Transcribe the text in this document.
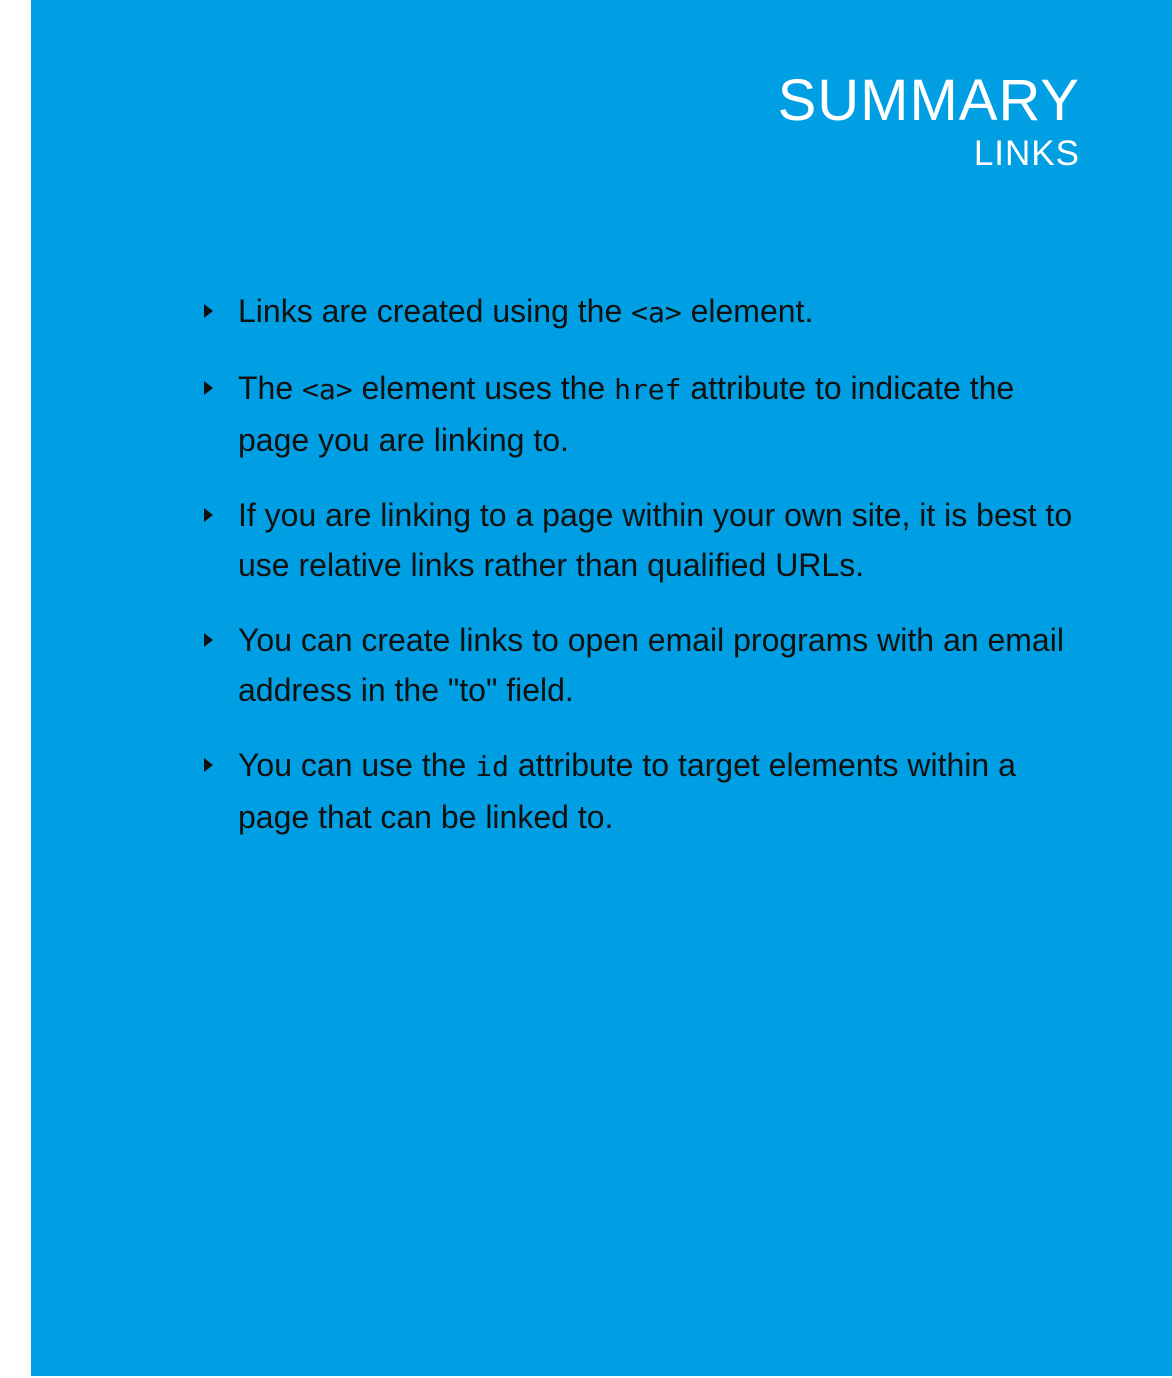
SUMMARY
LINKS
Links are created using the <a> element.
The <a> element uses the href attribute to indicate the page you are linking to.
If you are linking to a page within your own site, it is best to use relative links rather than qualified URLs.
You can create links to open email programs with an email address in the "to" field.
You can use the id attribute to target elements within a page that can be linked to.
